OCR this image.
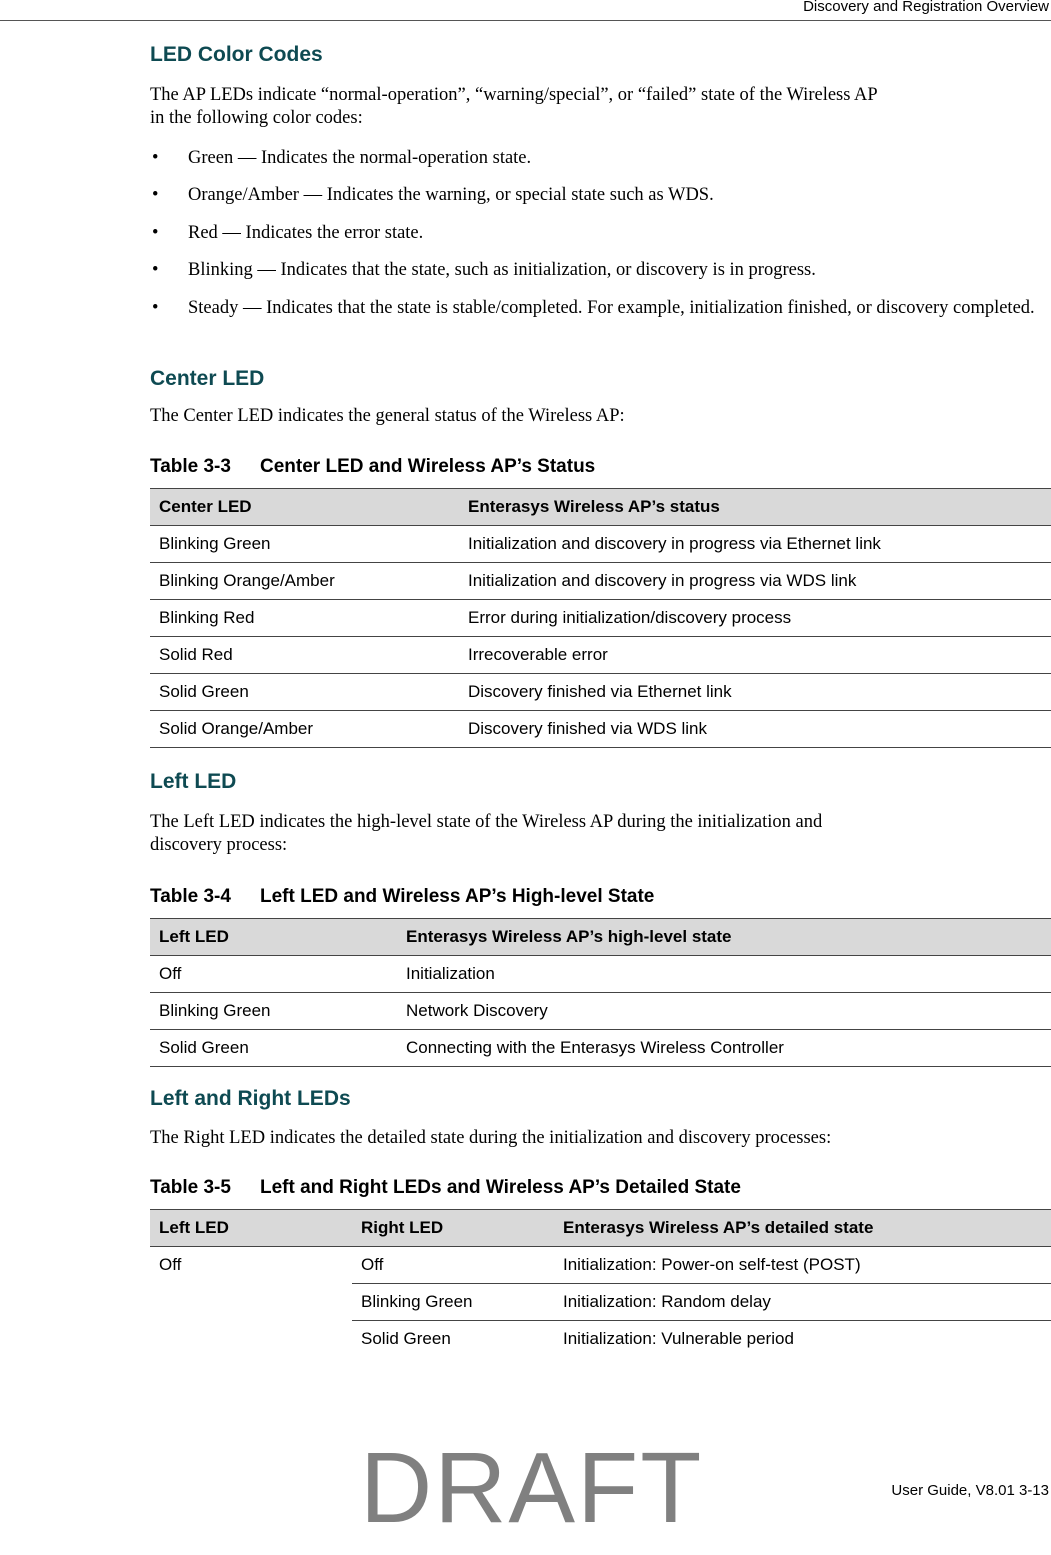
Discovery and Registration Overview
LED Color Codes
The AP LEDs indicate “normal-operation”, “warning/special”, or “failed” state of the Wireless AP
in the following color codes:
• Green — Indicates the normal-operation state.
• Orange/Amber — Indicates the warning, or special state such as WDS.
• Red — Indicates the error state.
• Blinking — Indicates that the state, such as initialization, or discovery is in progress.
• Steady — Indicates that the state is stable/completed. For example, initialization finished, or discovery completed.
Center LED
The Center LED indicates the general status of the Wireless AP:
Table 3-3 Center LED and Wireless AP’s Status
Center LED	Enterasys Wireless AP’s status
Blinking Green	Initialization and discovery in progress via Ethernet link
Blinking Orange/Amber	Initialization and discovery in progress via WDS link
Blinking Red	Error during initialization/discovery process
Solid Red	Irrecoverable error
Solid Green	Discovery finished via Ethernet link
Solid Orange/Amber	Discovery finished via WDS link
Left LED
The Left LED indicates the high-level state of the Wireless AP during the initialization and
discovery process:
Table 3-4 Left LED and Wireless AP’s High-level State
Left LED	Enterasys Wireless AP’s high-level state
Off	Initialization
Blinking Green	Network Discovery
Solid Green	Connecting with the Enterasys Wireless Controller
Left and Right LEDs
The Right LED indicates the detailed state during the initialization and discovery processes:
Table 3-5 Left and Right LEDs and Wireless AP’s Detailed State
Left LED	Right LED	Enterasys Wireless AP’s detailed state
Off	Off	Initialization: Power-on self-test (POST)
	Blinking Green	Initialization: Random delay
	Solid Green	Initialization: Vulnerable period
User Guide, V8.01 3-13
DRAFT
